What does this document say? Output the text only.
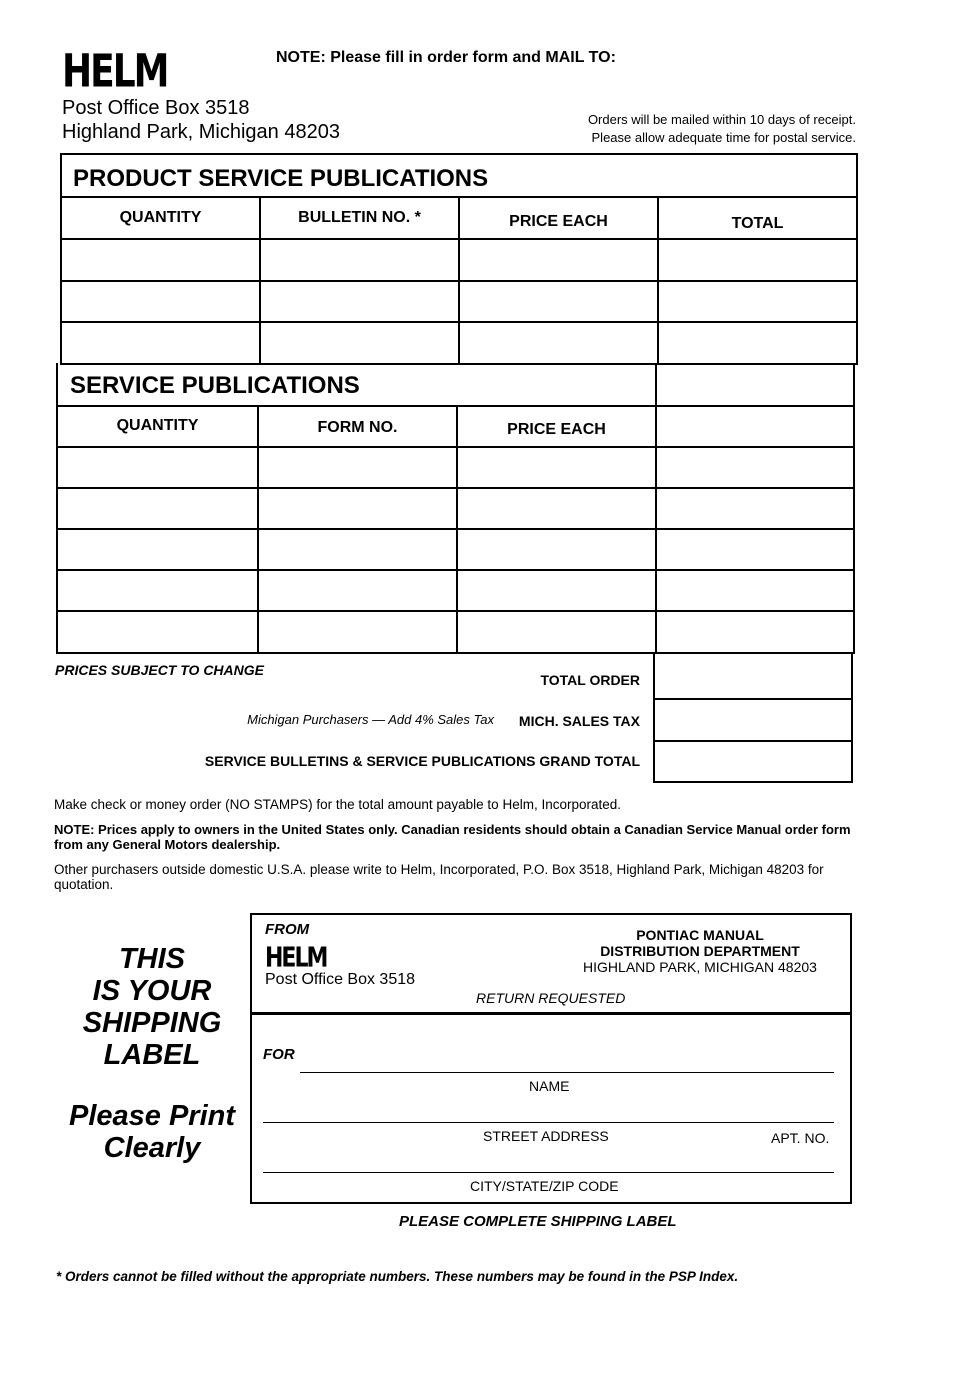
HELM	NOTE: Please fill in order form and MAIL TO:
Post Office Box 3518
Highland Park, Michigan 48203
Orders will be mailed within 10 days of receipt.
Please allow adequate time for postal service.
PRODUCT SERVICE PUBLICATIONS
QUANTITY	BULLETIN NO. *	PRICE EACH	TOTAL
SERVICE PUBLICATIONS
QUANTITY	FORM NO.	PRICE EACH
PRICES SUBJECT TO CHANGE
TOTAL ORDER
Michigan Purchasers — Add 4% Sales Tax MICH. SALES TAX
SERVICE BULLETINS & SERVICE PUBLICATIONS GRAND TOTAL
Make check or money order (NO STAMPS) for the total amount payable to Helm, Incorporated.
NOTE: Prices apply to owners in the United States only. Canadian residents should obtain a Canadian Service Manual order form from any General Motors dealership.
Other purchasers outside domestic U.S.A. please write to Helm, Incorporated, P.O. Box 3518, Highland Park, Michigan 48203 for quotation.
THIS
IS YOUR
SHIPPING
LABEL
Please Print
Clearly
FROM
HELM
Post Office Box 3518
PONTIAC MANUAL
DISTRIBUTION DEPARTMENT
HIGHLAND PARK, MICHIGAN 48203
RETURN REQUESTED
FOR
NAME
STREET ADDRESS	APT. NO.
CITY/STATE/ZIP CODE
PLEASE COMPLETE SHIPPING LABEL
* Orders cannot be filled without the appropriate numbers. These numbers may be found in the PSP Index.
